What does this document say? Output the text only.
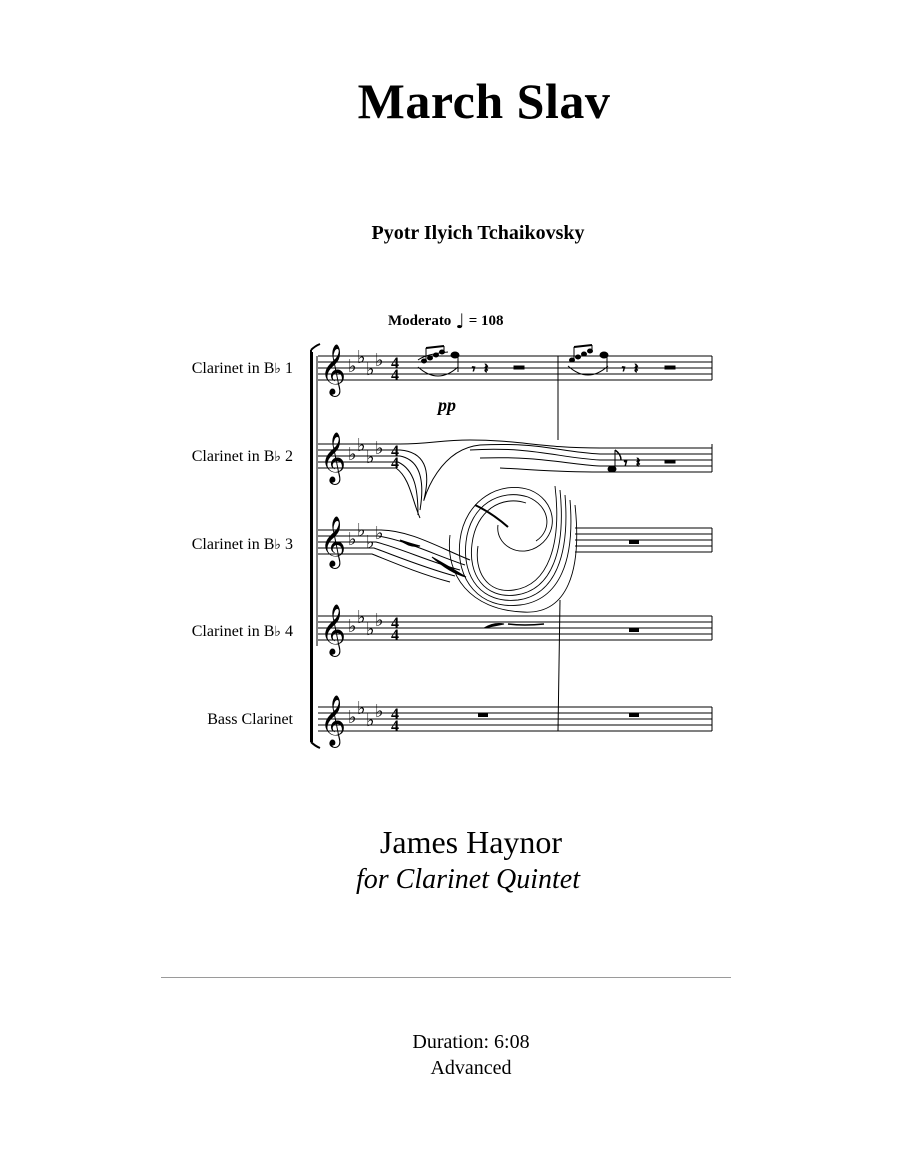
March Slav
Pyotr Ilyich Tchaikovsky
Moderato ♩ = 108
Clarinet in B♭ 1
Clarinet in B♭ 2
Clarinet in B♭ 3
Clarinet in B♭ 4
Bass Clarinet
𝄞
𝄞
𝄞
𝄞
𝄞
♭ ♭
♭ ♭
♭ ♭
♭ ♭
♭ ♭
♭ ♭
♭ ♭
♭ ♭
♭ ♭
♭ ♭
4
4
4
4
4
4
4
4
𝄾 𝄽
pp
𝄾 𝄽
𝄾 𝄽
James Haynor
for Clarinet Quintet
Duration: 6:08
Advanced
